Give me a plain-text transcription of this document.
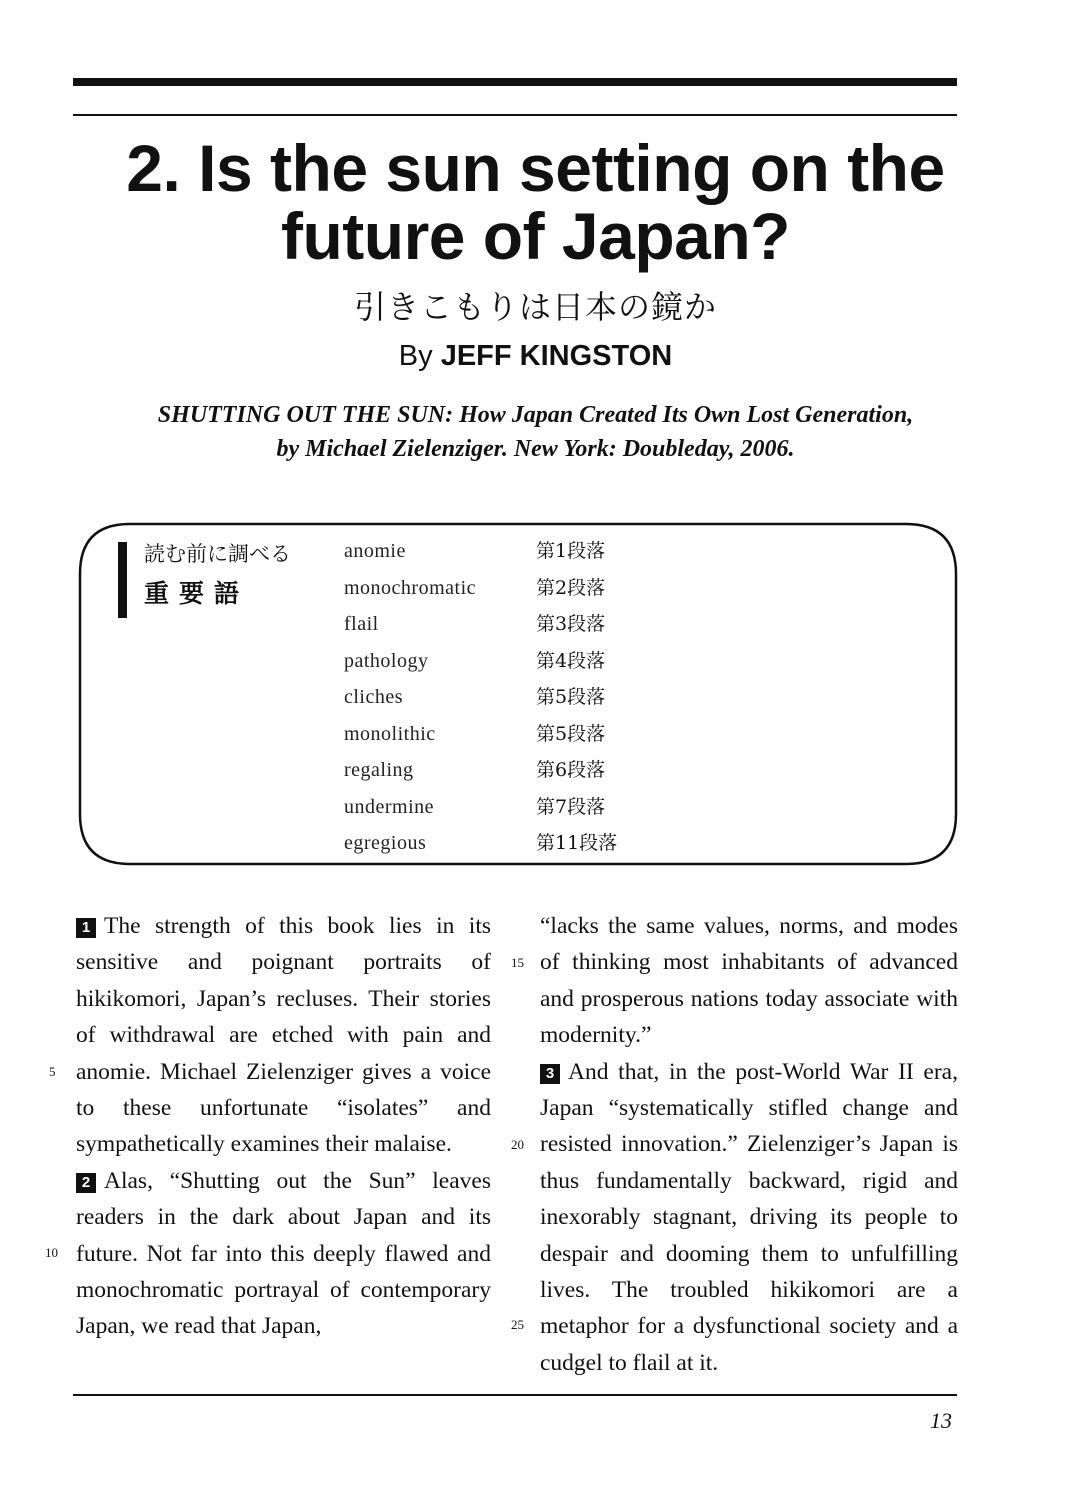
2. Is the sun setting on the
future of Japan?
引きこもりは日本の鏡か
By JEFF KINGSTON
SHUTTING OUT THE SUN: How Japan Created Its Own Lost Generation,
by Michael Zielenziger. New York: Doubleday, 2006.
読む前に調べる
重要語
anomie	第1段落
monochromatic	第2段落
flail	第3段落
pathology	第4段落
cliches	第5段落
monolithic	第5段落
regaling	第6段落
undermine	第7段落
egregious	第11段落

1 The strength of this book lies in its sensitive and poignant portraits of hikikomori, Japan’s recluses. Their stories of withdrawal are etched with pain and anomie. Michael Zielenziger gives a voice to these unfortunate “isolates” and sympathetically examines their malaise.

2 Alas, “Shutting out the Sun” leaves readers in the dark about Japan and its future. Not far into this deeply flawed and monochromatic portrayal of contemporary Japan, we read that Japan,

“lacks the same values, norms, and modes of thinking most inhabitants of advanced and prosperous nations today associate with modernity.”

3 And that, in the post-World War II era, Japan “systematically stifled change and resisted innovation.” Zielenziger’s Japan is thus fundamentally backward, rigid and inexorably stagnant, driving its people to despair and dooming them to unfulfilling lives. The troubled hikikomori are a metaphor for a dysfunctional society and a cudgel to flail at it.

5
10
15
20
25
13
